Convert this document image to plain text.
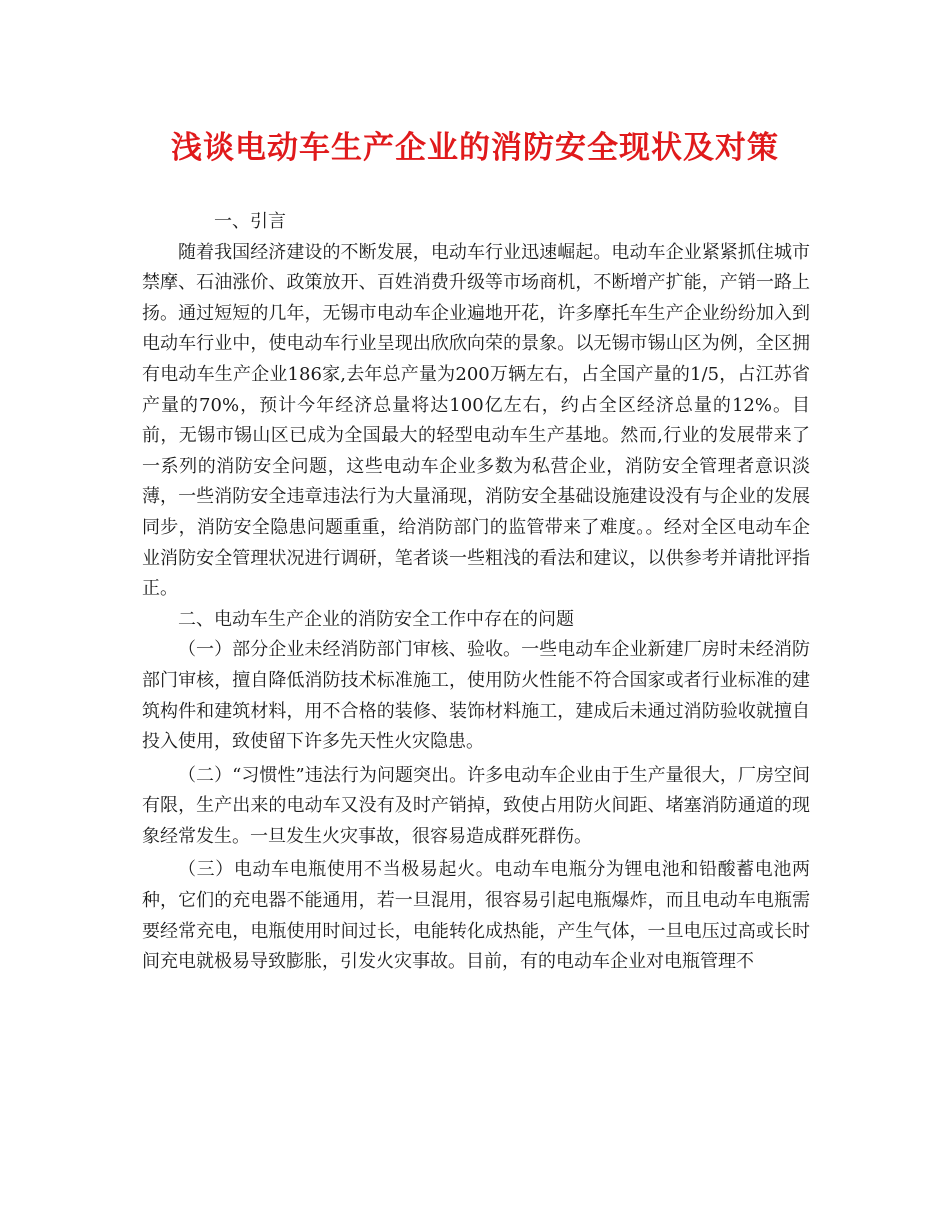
浅谈电动车生产企业的消防安全现状及对策

一、引言

随着我国经济建设的不断发展，电动车行业迅速崛起。电动车企业紧紧抓住城市禁摩、石油涨价、政策放开、百姓消费升级等市场商机，不断增产扩能，产销一路上扬。通过短短的几年，无锡市电动车企业遍地开花，许多摩托车生产企业纷纷加入到电动车行业中，使电动车行业呈现出欣欣向荣的景象。以无锡市锡山区为例，全区拥有电动车生产企业186家,去年总产量为200万辆左右，占全国产量的1/5，占江苏省产量的70%，预计今年经济总量将达100亿左右，约占全区经济总量的12%。目前，无锡市锡山区已成为全国最大的轻型电动车生产基地。然而,行业的发展带来了一系列的消防安全问题，这些电动车企业多数为私营企业，消防安全管理者意识淡薄，一些消防安全违章违法行为大量涌现，消防安全基础设施建设没有与企业的发展同步，消防安全隐患问题重重，给消防部门的监管带来了难度。。经对全区电动车企业消防安全管理状况进行调研，笔者谈一些粗浅的看法和建议，以供参考并请批评指正。

二、电动车生产企业的消防安全工作中存在的问题

（一）部分企业未经消防部门审核、验收。一些电动车企业新建厂房时未经消防部门审核，擅自降低消防技术标准施工，使用防火性能不符合国家或者行业标准的建筑构件和建筑材料，用不合格的装修、装饰材料施工，建成后未通过消防验收就擅自投入使用，致使留下许多先天性火灾隐患。

（二）“习惯性”违法行为问题突出。许多电动车企业由于生产量很大，厂房空间有限，生产出来的电动车又没有及时产销掉，致使占用防火间距、堵塞消防通道的现象经常发生。一旦发生火灾事故，很容易造成群死群伤。

（三）电动车电瓶使用不当极易起火。电动车电瓶分为锂电池和铅酸蓄电池两种，它们的充电器不能通用，若一旦混用，很容易引起电瓶爆炸，而且电动车电瓶需要经常充电，电瓶使用时间过长，电能转化成热能，产生气体，一旦电压过高或长时间充电就极易导致膨胀，引发火灾事故。目前，有的电动车企业对电瓶管理不
